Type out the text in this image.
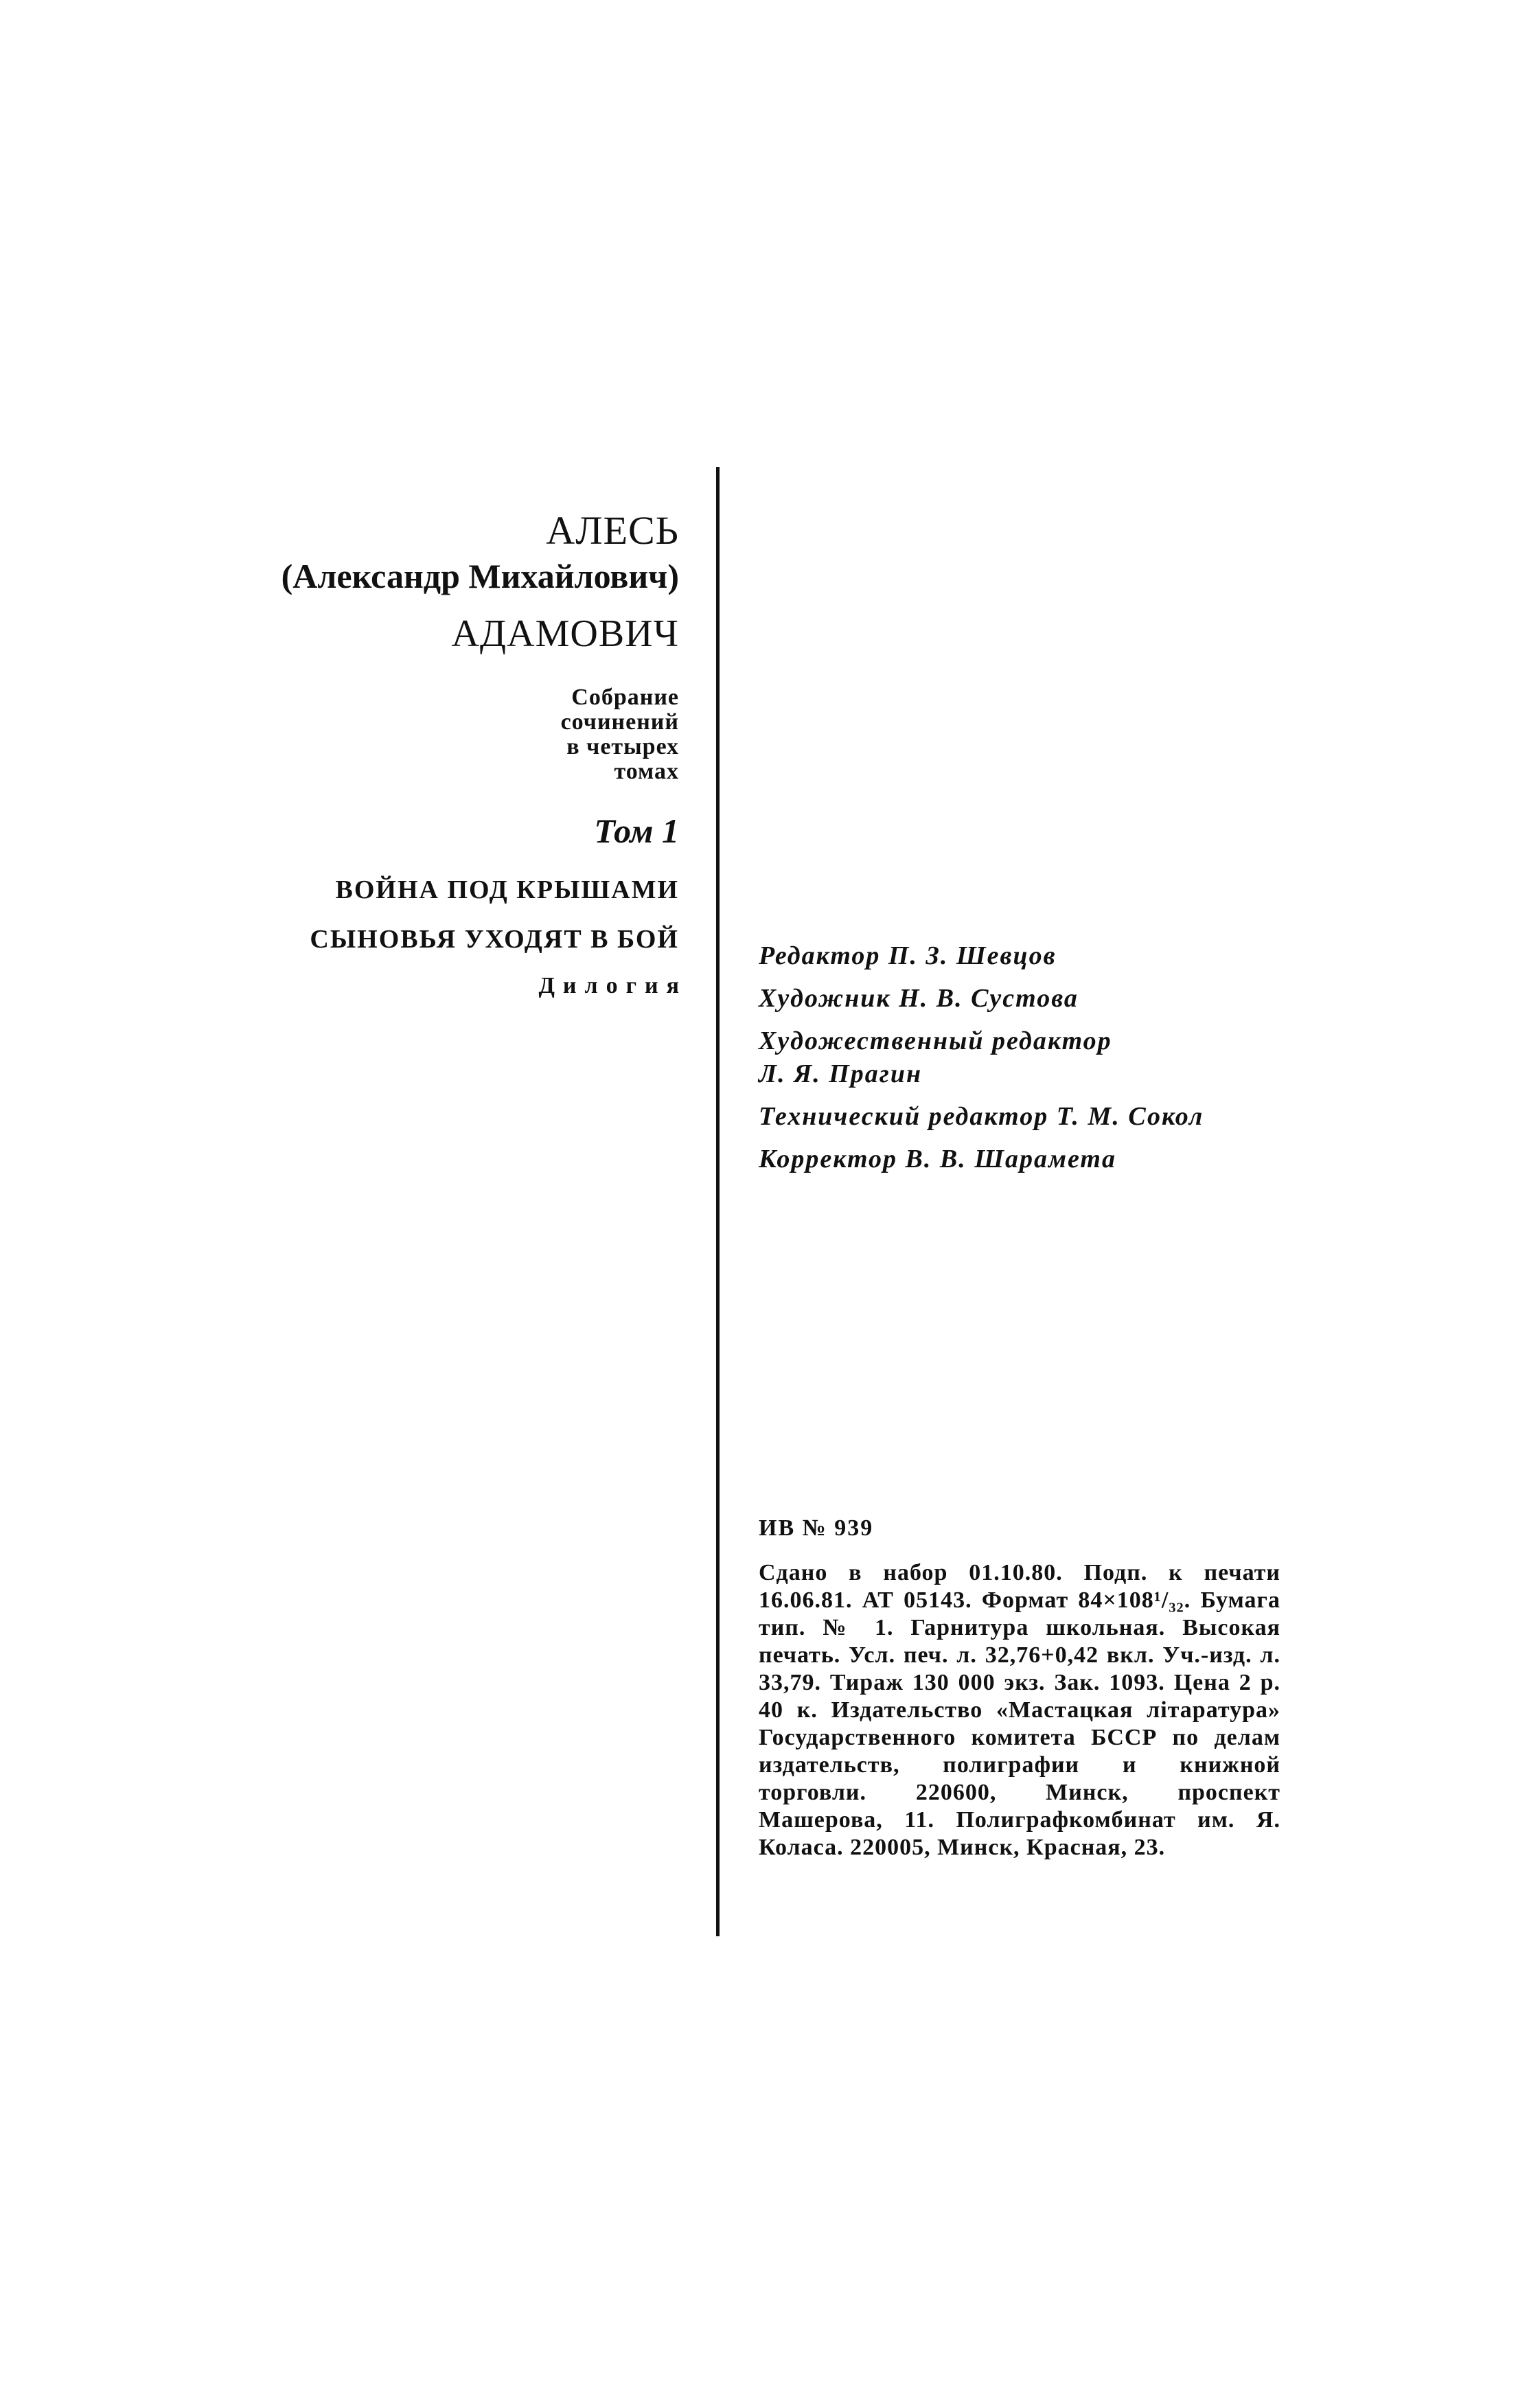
АЛЕСЬ
(Александр Михайлович)
АДАМОВИЧ
Собрание
сочинений
в четырех
томах
Том 1
ВОЙНА ПОД КРЫШАМИ
СЫНОВЬЯ УХОДЯТ В БОЙ
Дилогия
Редактор П. З. Шевцов
Художник Н. В. Сустова
Художественный редактор
Л. Я. Прагин
Технический редактор Т. М. Сокол
Корректор В. В. Шарамета
ИВ № 939
Сдано в набор 01.10.80. Подп. к печати 16.06.81. АТ 05143. Формат 84×108¹/₃₂. Бумага тип. № 1. Гарнитура школьная. Высокая печать. Усл. печ. л. 32,76+0,42 вкл. Уч.-изд. л. 33,79. Тираж 130 000 экз. Зак. 1093. Цена 2 р. 40 к. Издательство «Мастацкая літаратура» Государственного комитета БССР по делам издательств, полиграфии и книжной торговли. 220600, Минск, проспект Машерова, 11. Полиграфкомбинат им. Я. Коласа. 220005, Минск, Красная, 23.
